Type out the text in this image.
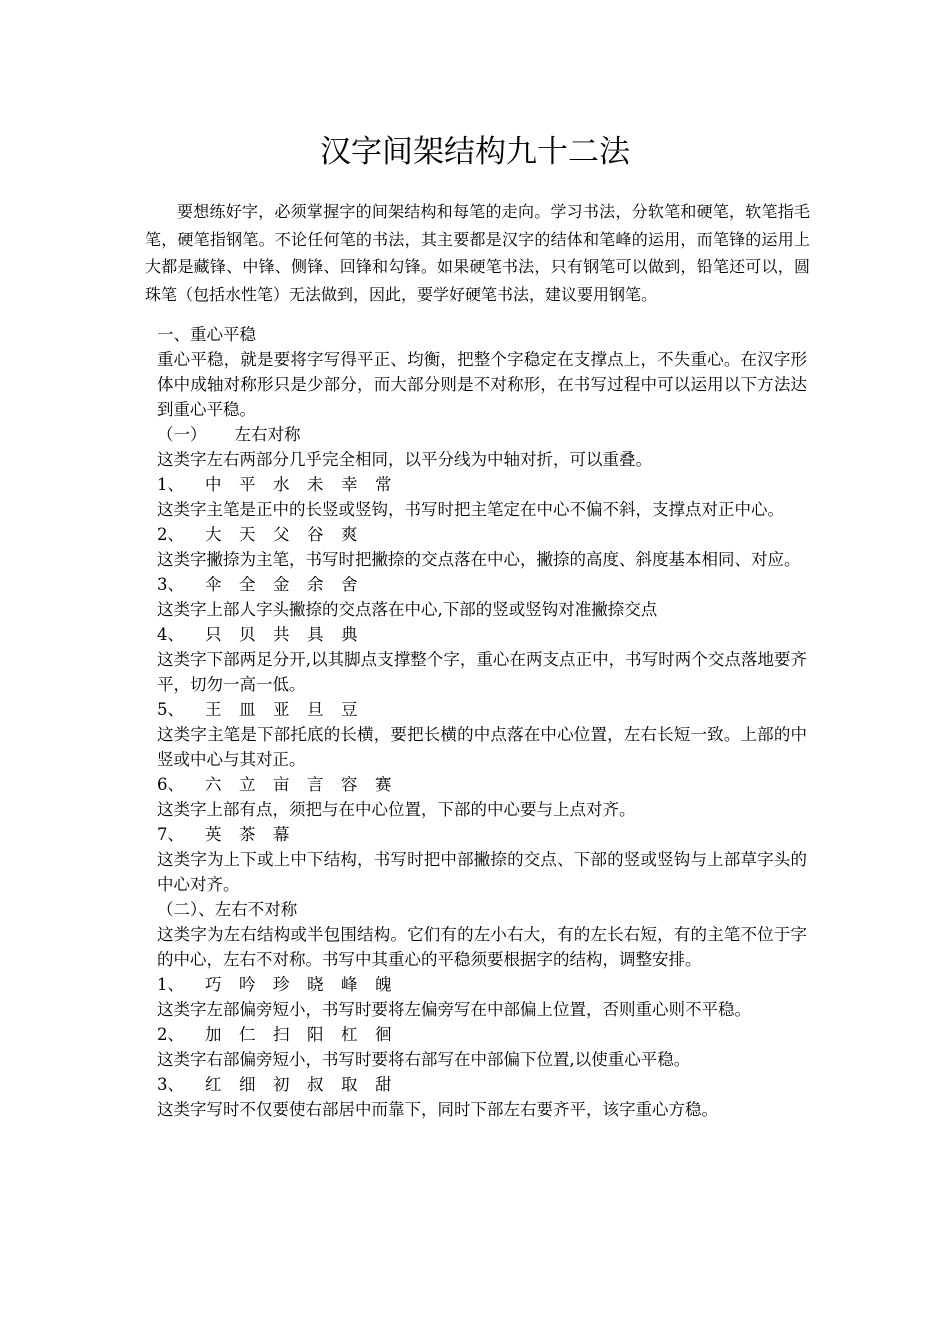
汉字间架结构九十二法
要想练好字，必须掌握字的间架结构和每笔的走向。学习书法，分软笔和硬笔，软笔指毛笔，硬笔指钢笔。不论任何笔的书法，其主要都是汉字的结体和笔峰的运用，而笔锋的运用上大都是藏锋、中锋、侧锋、回锋和勾锋。如果硬笔书法，只有钢笔可以做到，铅笔还可以，圆珠笔（包括水性笔）无法做到，因此，要学好硬笔书法，建议要用钢笔。
一、重心平稳
重心平稳，就是要将字写得平正、均衡，把整个字稳定在支撑点上，不失重心。在汉字形体中成轴对称形只是少部分，而大部分则是不对称形，在书写过程中可以运用以下方法达到重心平稳。
（一） 左右对称
这类字左右两部分几乎完全相同，以平分线为中轴对折，可以重叠。
1、 中 平 水 未 幸 常
这类字主笔是正中的长竖或竖钩，书写时把主笔定在中心不偏不斜，支撑点对正中心。
2、 大 天 父 谷 爽
这类字撇捺为主笔，书写时把撇捺的交点落在中心，撇捺的高度、斜度基本相同、对应。
3、 伞 全 金 余 舍
这类字上部人字头撇捺的交点落在中心,下部的竖或竖钩对准撇捺交点
4、 只 贝 共 具 典
这类字下部两足分开,以其脚点支撑整个字，重心在两支点正中，书写时两个交点落地要齐平，切勿一高一低。
5、 王 皿 亚 旦 豆
这类字主笔是下部托底的长横，要把长横的中点落在中心位置，左右长短一致。上部的中竖或中心与其对正。
6、 六 立 亩 言 容 赛
这类字上部有点，须把与在中心位置，下部的中心要与上点对齐。
7、 英 茶 幕
这类字为上下或上中下结构，书写时把中部撇捺的交点、下部的竖或竖钩与上部草字头的中心对齐。
（二）、左右不对称
这类字为左右结构或半包围结构。它们有的左小右大，有的左长右短，有的主笔不位于字的中心，左右不对称。书写中其重心的平稳须要根据字的结构，调整安排。
1、 巧 吟 珍 晓 峰 魄
这类字左部偏旁短小，书写时要将左偏旁写在中部偏上位置，否则重心则不平稳。
2、 加 仁 扫 阳 杠 徊
这类字右部偏旁短小，书写时要将右部写在中部偏下位置,以使重心平稳。
3、 红 细 初 叔 取 甜
这类字写时不仅要使右部居中而靠下，同时下部左右要齐平，该字重心方稳。
